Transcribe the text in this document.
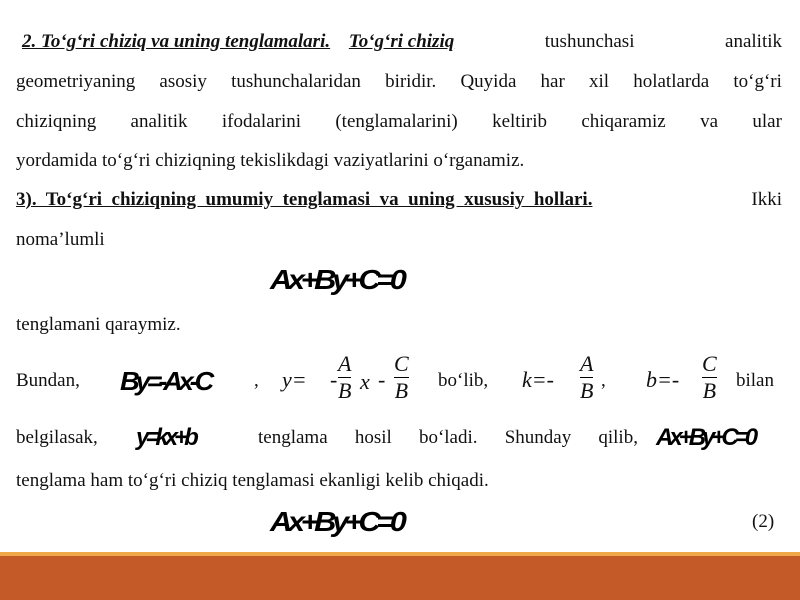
2. To‘g‘ri chiziq va uning tenglamalari. To‘g‘ri chiziq	tushunchasi	analitik
geometriyaning asosiy tushunchalaridan biridir. Quyida har xil holatlarda to‘g‘ri
chiziqning analitik ifodalarini (tenglamalarini) keltirib chiqaramiz va ular
yordamida to‘g‘ri chiziqning tekislikdagi vaziyatlarini o‘rganamiz.
3).  To‘g‘ri  chiziqning  umumiy  tenglamasi  va  uning  xususiy  hollari.	Ikki
noma’lumli
Ax+By+C=0
tenglamani qaraymiz.
Bundan, By=-Ax-C , y= -
A
B x -
C
B bo‘lib, k=-
A
B , b=-
C
B bilan
belgilasak, y=kx+b	tenglama hosil bo‘ladi. Shunday qilib, Ax+By+C=0
tenglama ham to‘g‘ri chiziq tenglamasi ekanligi kelib chiqadi.
Ax+By+C=0	(2)
